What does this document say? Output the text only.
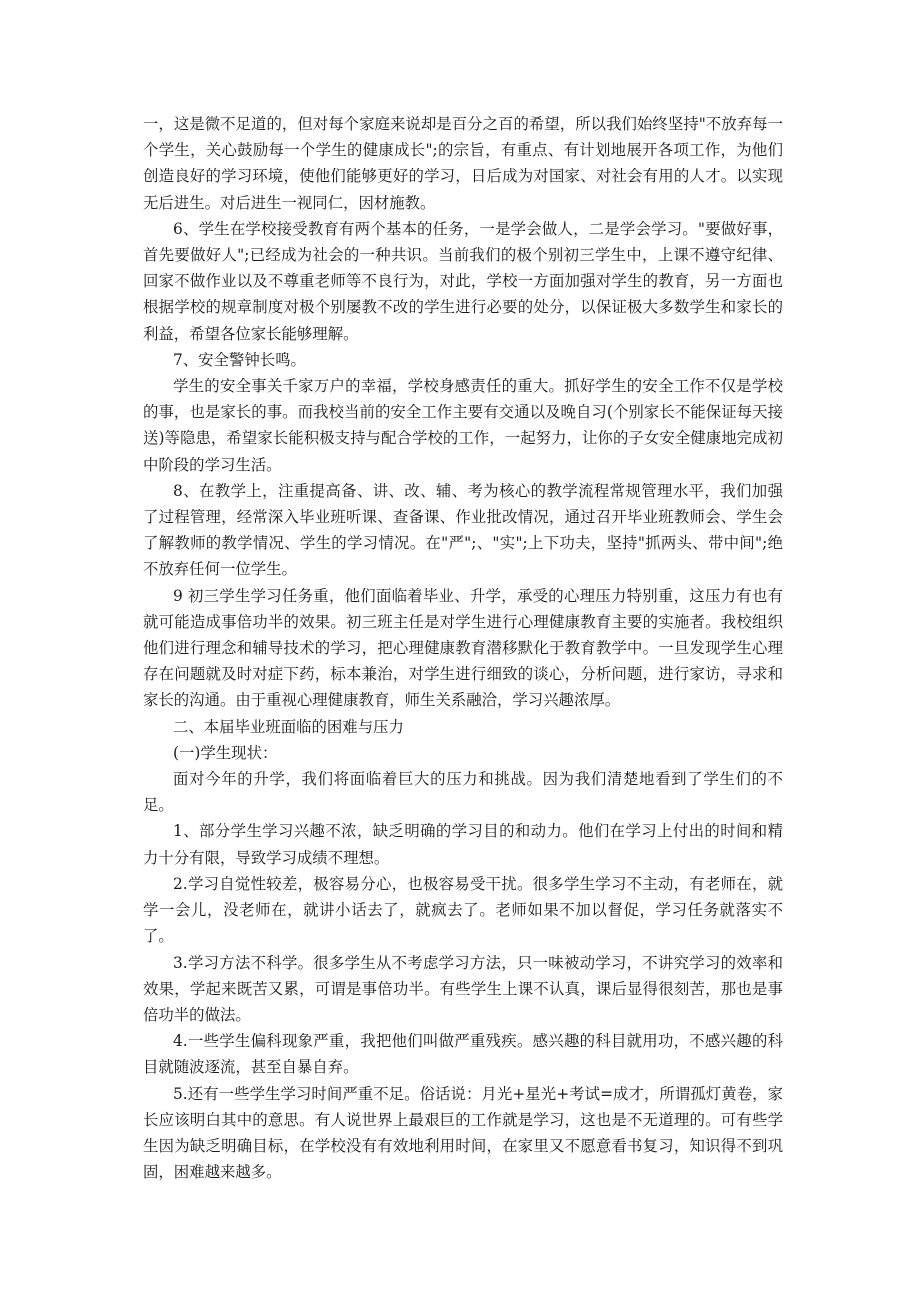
一，这是微不足道的，但对每个家庭来说却是百分之百的希望，所以我们始终坚持"不放弃每一个学生，关心鼓励每一个学生的健康成长";的宗旨，有重点、有计划地展开各项工作，为他们创造良好的学习环境，使他们能够更好的学习，日后成为对国家、对社会有用的人才。以实现无后进生。对后进生一视同仁，因材施教。

6、学生在学校接受教育有两个基本的任务，一是学会做人，二是学会学习。"要做好事，首先要做好人";已经成为社会的一种共识。当前我们的极个别初三学生中，上课不遵守纪律、回家不做作业以及不尊重老师等不良行为，对此，学校一方面加强对学生的教育，另一方面也根据学校的规章制度对极个别屡教不改的学生进行必要的处分，以保证极大多数学生和家长的利益，希望各位家长能够理解。

7、安全警钟长鸣。

学生的安全事关千家万户的幸福，学校身感责任的重大。抓好学生的安全工作不仅是学校的事，也是家长的事。而我校当前的安全工作主要有交通以及晚自习(个别家长不能保证每天接送)等隐患，希望家长能积极支持与配合学校的工作，一起努力，让你的子女安全健康地完成初中阶段的学习生活。

8、在教学上，注重提高备、讲、改、辅、考为核心的教学流程常规管理水平，我们加强了过程管理，经常深入毕业班听课、查备课、作业批改情况，通过召开毕业班教师会、学生会了解教师的教学情况、学生的学习情况。在"严";、"实";上下功夫，坚持"抓两头、带中间";绝不放弃任何一位学生。

9 初三学生学习任务重，他们面临着毕业、升学，承受的心理压力特别重，这压力有也有就可能造成事倍功半的效果。初三班主任是对学生进行心理健康教育主要的实施者。我校组织他们进行理念和辅导技术的学习，把心理健康教育潜移默化于教育教学中。一旦发现学生心理存在问题就及时对症下药，标本兼治，对学生进行细致的谈心，分析问题，进行家访，寻求和家长的沟通。由于重视心理健康教育，师生关系融洽，学习兴趣浓厚。

二、本届毕业班面临的困难与压力

(一)学生现状：

面对今年的升学，我们将面临着巨大的压力和挑战。因为我们清楚地看到了学生们的不足。

1、部分学生学习兴趣不浓，缺乏明确的学习目的和动力。他们在学习上付出的时间和精力十分有限，导致学习成绩不理想。

2.学习自觉性较差，极容易分心，也极容易受干扰。很多学生学习不主动，有老师在，就学一会儿，没老师在，就讲小话去了，就疯去了。老师如果不加以督促，学习任务就落实不了。

3.学习方法不科学。很多学生从不考虑学习方法，只一味被动学习，不讲究学习的效率和效果，学起来既苦又累，可谓是事倍功半。有些学生上课不认真，课后显得很刻苦，那也是事倍功半的做法。

4.一些学生偏科现象严重，我把他们叫做严重残疾。感兴趣的科目就用功，不感兴趣的科目就随波逐流，甚至自暴自弃。

5.还有一些学生学习时间严重不足。俗话说：月光+星光+考试=成才，所谓孤灯黄卷，家长应该明白其中的意思。有人说世界上最艰巨的工作就是学习，这也是不无道理的。可有些学生因为缺乏明确目标，在学校没有有效地利用时间，在家里又不愿意看书复习，知识得不到巩固，困难越来越多。
